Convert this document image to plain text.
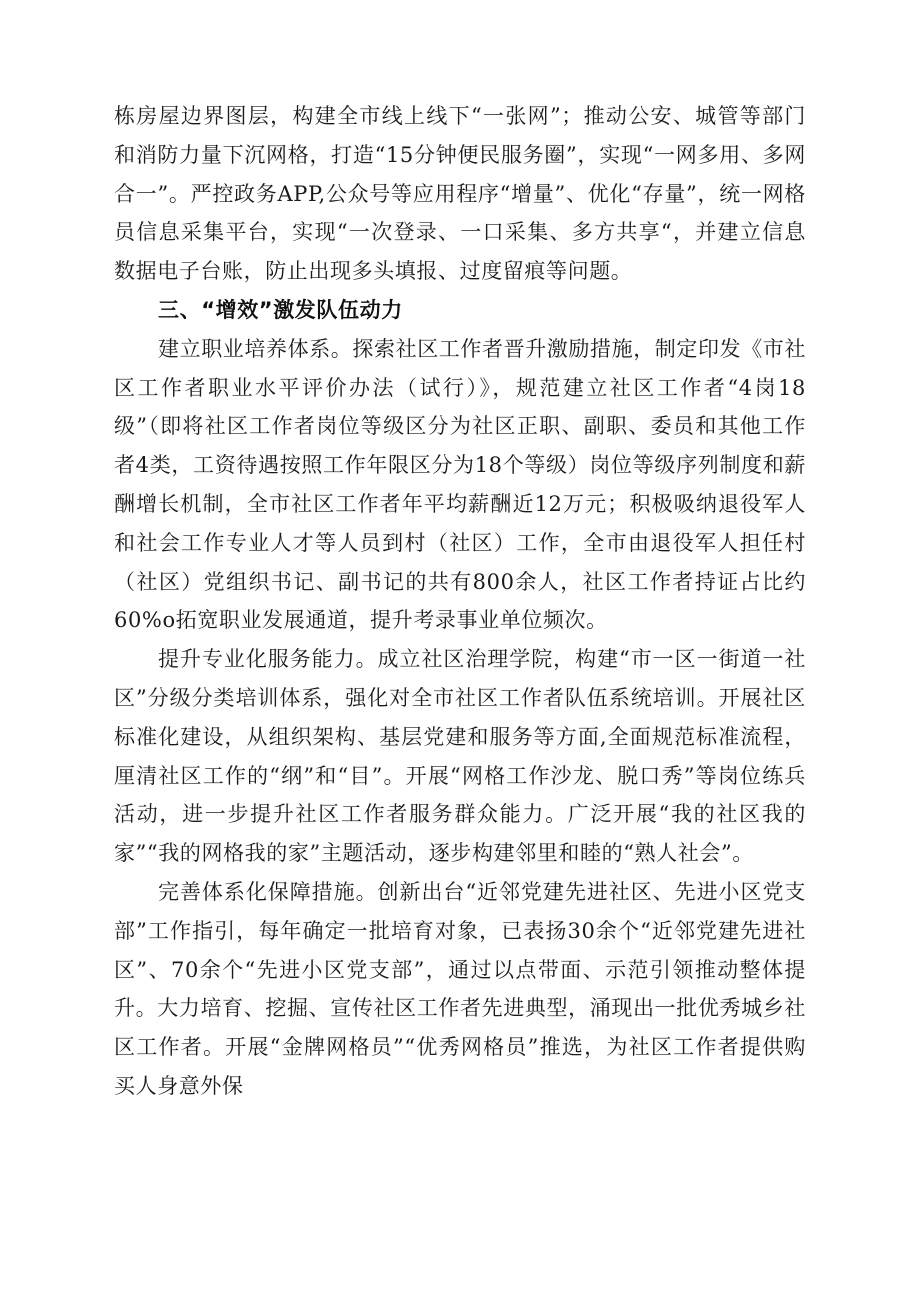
栋房屋边界图层，构建全市线上线下“一张网”；推动公安、城管等部门和消防力量下沉网格，打造“15分钟便民服务圈”，实现“一网多用、多网合一”。严控政务APP,公众号等应用程序“增量”、优化“存量”，统一网格员信息采集平台，实现“一次登录、一口采集、多方共享“，并建立信息数据电子台账，防止出现多头填报、过度留痕等问题。

三、“增效”激发队伍动力

建立职业培养体系。探索社区工作者晋升激励措施，制定印发《市社区工作者职业水平评价办法（试行）》，规范建立社区工作者“4岗18级”（即将社区工作者岗位等级区分为社区正职、副职、委员和其他工作者4类，工资待遇按照工作年限区分为18个等级）岗位等级序列制度和薪酬增长机制，全市社区工作者年平均薪酬近12万元；积极吸纳退役军人和社会工作专业人才等人员到村（社区）工作，全市由退役军人担任村（社区）党组织书记、副书记的共有800余人，社区工作者持证占比约60%o拓宽职业发展通道，提升考录事业单位频次。

提升专业化服务能力。成立社区治理学院，构建“市一区一街道一社区”分级分类培训体系，强化对全市社区工作者队伍系统培训。开展社区标准化建设，从组织架构、基层党建和服务等方面,全面规范标准流程，厘清社区工作的“纲”和“目”。开展“网格工作沙龙、脱口秀”等岗位练兵活动，进一步提升社区工作者服务群众能力。广泛开展“我的社区我的家”“我的网格我的家”主题活动，逐步构建邻里和睦的“熟人社会”。

完善体系化保障措施。创新出台“近邻党建先进社区、先进小区党支部”工作指引，每年确定一批培育对象，已表扬30余个“近邻党建先进社区”、70余个“先进小区党支部”，通过以点带面、示范引领推动整体提升。大力培育、挖掘、宣传社区工作者先进典型，涌现出一批优秀城乡社区工作者。开展“金牌网格员”“优秀网格员”推选，为社区工作者提供购买人身意外保
